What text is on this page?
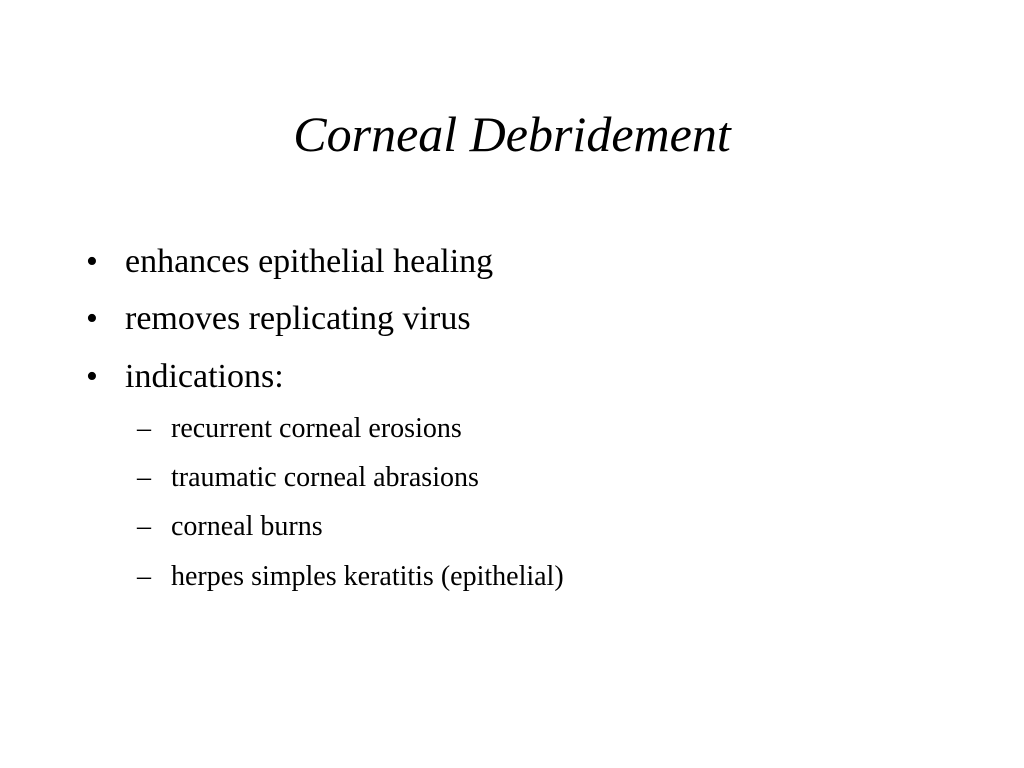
Corneal Debridement
• enhances epithelial healing
• removes replicating virus
• indications:
– recurrent corneal erosions
– traumatic corneal abrasions
– corneal burns
– herpes simples keratitis (epithelial)
